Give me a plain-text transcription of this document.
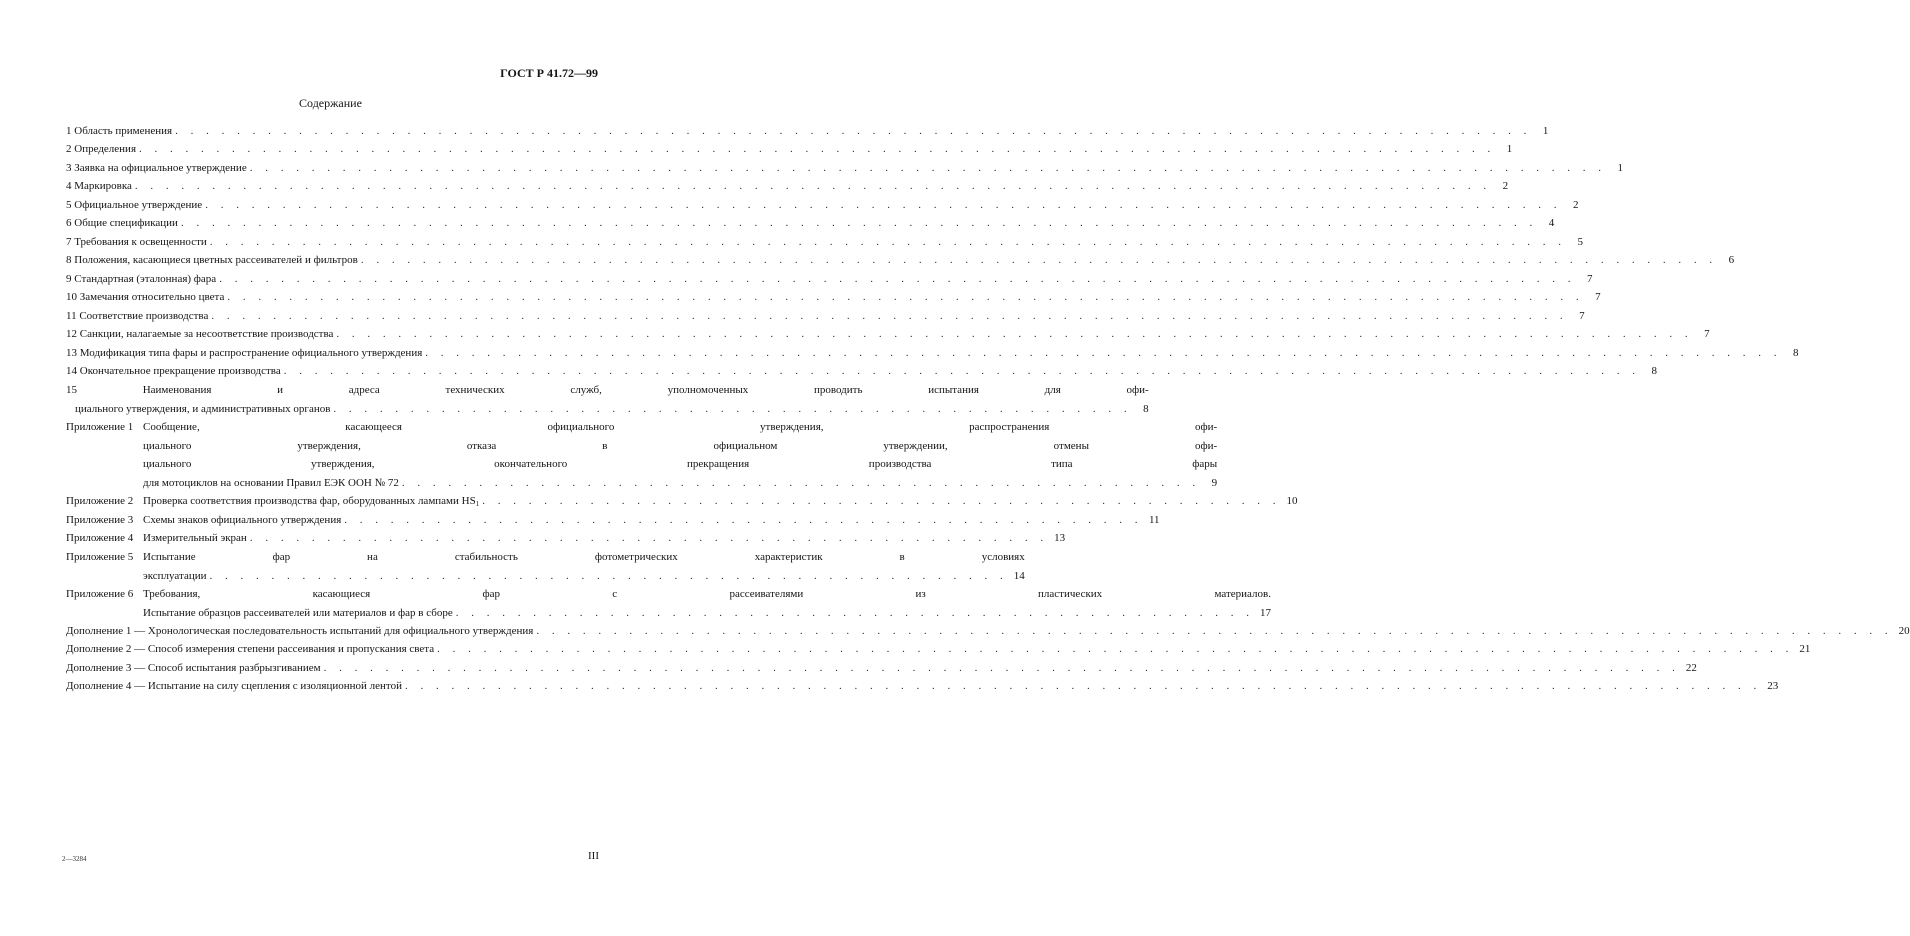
ГОСТ Р 41.72—99
Содержание
1 Область применения . . .	1
2 Определения . . .	1
3 Заявка на официальное утверждение . . .	1
4 Маркировка . . .	2
5 Официальное утверждение . . .	2
6 Общие спецификации . . .	4
7 Требования к освещенности . . .	5
8 Положения, касающиеся цветных рассеивателей и фильтров . . .	6
9 Стандартная (эталонная) фара . . .	7
10 Замечания относительно цвета . . .	7
11 Соответствие производства . . .	7
12 Санкции, налагаемые за несоответствие производства . . .	7
13 Модификация типа фары и распространение официального утверждения . . .	8
14 Окончательное прекращение производства . . .	8
15 Наименования и адреса технических служб, уполномоченных проводить испытания для офи-
циального утверждения, и административных органов . . .	8
Приложение 1 Сообщение, касающееся официального утверждения, распространения офи-
циального утверждения, отказа в официальном утверждении, отмены офи-
циального утверждения, окончательного прекращения производства типа фары
для мотоциклов на основании Правил ЕЭК ООН № 72 . . .	9
Приложение 2 Проверка соответствия производства фар, оборудованных лампами $HS_1$ . . .	10
Приложение 3 Схемы знаков официального утверждения . . .	11
Приложение 4 Измерительный экран . . .	13
Приложение 5 Испытание фар на стабильность фотометрических характеристик в условиях
эксплуатации . . .	14
Приложение 6 Требования, касающиеся фар с рассеивателями из пластических материалов.
Испытание образцов рассеивателей или материалов и фар в сборе . . .	17
Дополнение 1 — Хронологическая последовательность испытаний для официального утверждения . . .	20
Дополнение 2 — Способ измерения степени рассеивания и пропускания света . . .	21
Дополнение 3 — Способ испытания разбрызгиванием . . .	22
Дополнение 4 — Испытание на силу сцепления с изоляционной лентой . . .	23
2—3284	III
